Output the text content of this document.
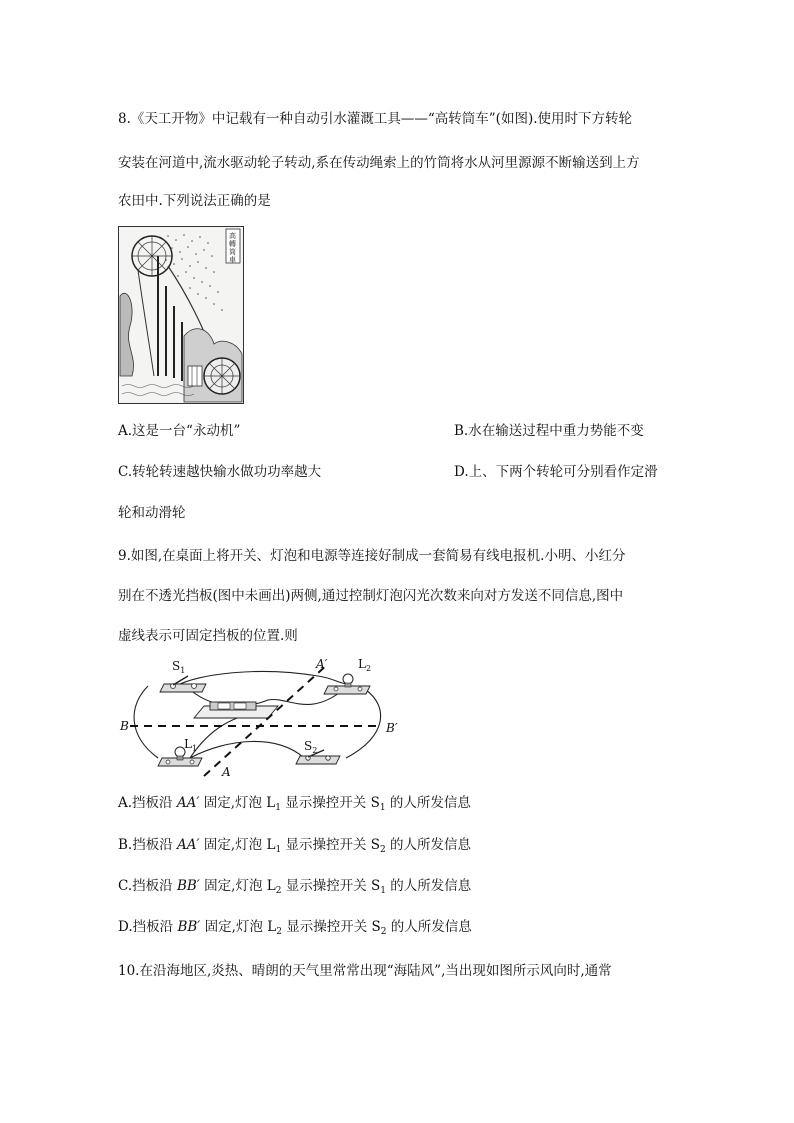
8.《天工开物》中记载有一种自动引水灌溉工具——“高转筒车”(如图).使用时下方转轮
安装在河道中,流水驱动轮子转动,系在传动绳索上的竹筒将水从河里源源不断输送到上方
农田中.下列说法正确的是
高
轉
筒
車
A.这是一台“永动机”	B.水在输送过程中重力势能不变
C.转轮转速越快输水做功功率越大	D.上、下两个转轮可分别看作定滑
轮和动滑轮
9.如图,在桌面上将开关、灯泡和电源等连接好制成一套简易有线电报机.小明、小红分
别在不透光挡板(图中未画出)两侧,通过控制灯泡闪光次数来向对方发送不同信息,图中
虚线表示可固定挡板的位置.则
$S_1$	$L_2$
$L_1$	$S_2$
A′
A
B	B′
A.挡板沿 AA′ 固定,灯泡 $L_1$ 显示操控开关 $S_1$ 的人所发信息
B.挡板沿 AA′ 固定,灯泡 $L_1$ 显示操控开关 $S_2$ 的人所发信息
C.挡板沿 BB′ 固定,灯泡 $L_2$ 显示操控开关 $S_1$ 的人所发信息
D.挡板沿 BB′ 固定,灯泡 $L_2$ 显示操控开关 $S_2$ 的人所发信息
10.在沿海地区,炎热、晴朗的天气里常常出现“海陆风”,当出现如图所示风向时,通常
